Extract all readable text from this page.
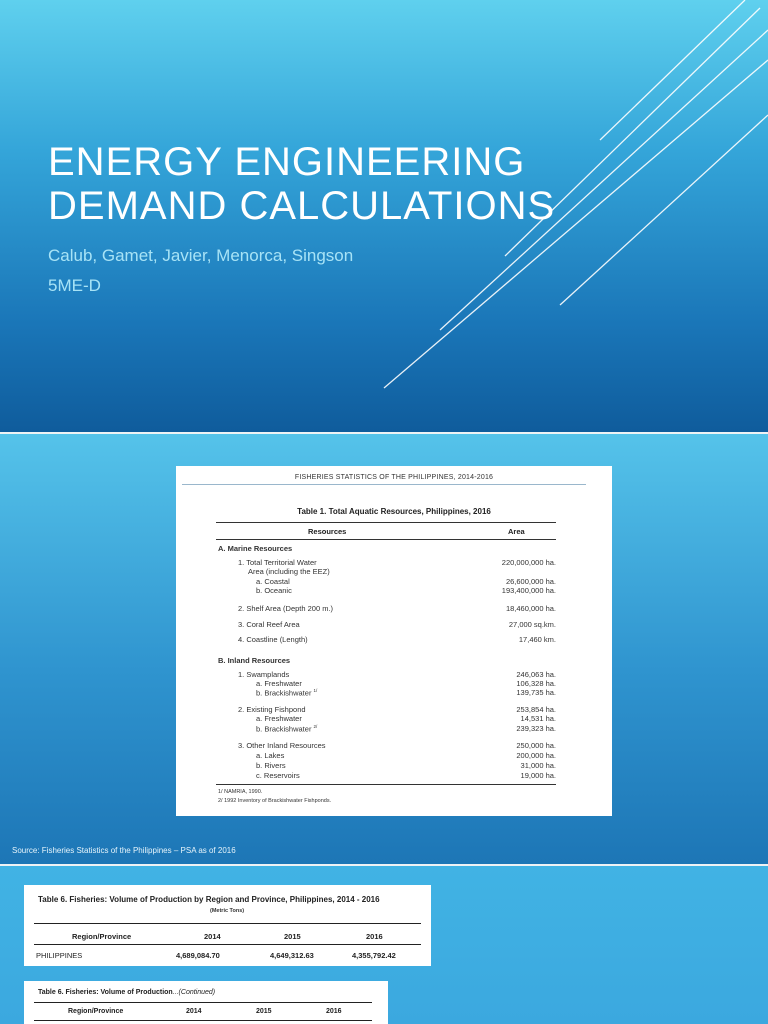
ENERGY ENGINEERING
DEMAND CALCULATIONS

Calub, Gamet, Javier, Menorca, Singson

5ME-D

FISHERIES STATISTICS OF THE PHILIPPINES, 2014-2016
Table 1. Total Aquatic Resources, Philippines, 2016
Resources	Area
A. Marine Resources
1. Total Territorial Water	220,000,000 ha.
Area (including the EEZ)
a. Coastal	26,600,000 ha.
b. Oceanic	193,400,000 ha.
2. Shelf Area (Depth 200 m.)	18,460,000 ha.
3. Coral Reef Area	27,000 sq.km.
4. Coastline (Length)	17,460 km.
B. Inland Resources
1. Swamplands	246,063 ha.
a. Freshwater	106,328 ha.
b. Brackishwater $^{1/}$	139,735 ha.
2. Existing Fishpond	253,854 ha.
a. Freshwater	14,531 ha.
b. Brackishwater $^{2/}$	239,323 ha.
3. Other Inland Resources	250,000 ha.
a. Lakes	200,000 ha.
b. Rivers	31,000 ha.
c. Reservoirs	19,000 ha.
1/ NAMRIA, 1990.
2/ 1992 Inventory of Brackishwater Fishponds.

Source: Fisheries Statistics of the Philippines – PSA as of 2016

Table 6. Fisheries: Volume of Production by Region and Province, Philippines, 2014 - 2016
(Metric Tons)
Region/Province	2014	2015	2016
PHILIPPINES	4,689,084.70	4,649,312.63	4,355,792.42
Table 6. Fisheries: Volume of Production...(Continued)
Region/Province	2014	2015	2016
